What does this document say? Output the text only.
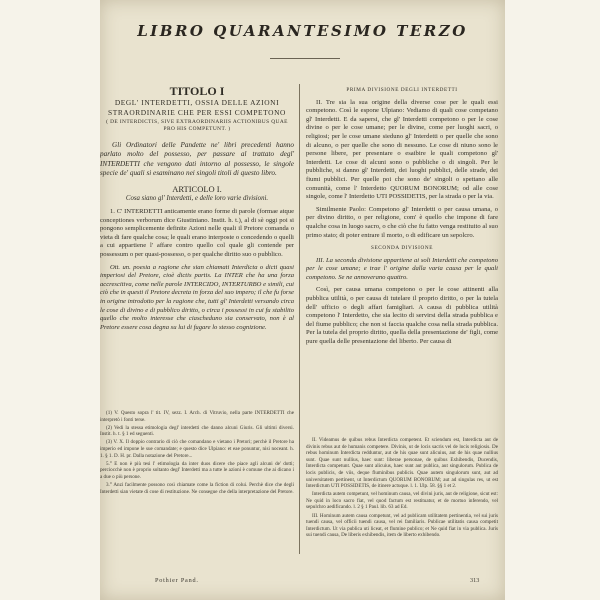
LIBRO QUARANTESIMO TERZO
TITOLO I
DEGL' INTERDETTI, OSSIA DELLE AZIONI STRAORDINARIE CHE PER ESSI COMPETONO
( DE INTERDICTIS, SIVE EXTRAORDINARIIS ACTIONIBUS QUAE PRO HIS COMPETUNT. )
Gli Ordinatori delle Pandette ne' libri precedenti hanno parlato molto del possesso, per passare al trattato degl' INTERDETTI che vengono dati intorno al possesso, le singole specie de' quali si esaminano nei singoli titoli di questo libro.
ARTICOLO I.
Cosa siano gl' Interdetti, e delle loro varie divisioni.

1. C' INTERDETTI anticamente erano forme di parole (formae atque conceptiones verborum dice Giustiniano. Instit. h. t.), al di sè oggi poi si pongono semplicemente definite Azioni nelle quali il Pretore comanda o vieta di fare qualche cosa; le quali erano interposte o concedendo o quelli a cui appartiene l' affare contro quello col quale gli contende per possessum o per quasi-possesso, o per qualche diritto suo o pubblico.

Ott. un. poesia a ragione che sian chiamati Interdicta o dicti quasi imperiosi del Pretore, cioè dictis partis. La INTER che ha una forza accrescitiva, come nelle parole INTERCIDO, INTERTURBO e simili, cui ciò che in questi il Pretore decreta in forza del suo impero; il che fu forse in origine introdotto per la ragione che, tutti gl' Interdetti versando circa le cose di divino e di pubblico diritto, o circa i possessi in cui fu stabilito quello che molto interesse che ciascheduno sia conservato, non è al Pretore essere cosa degna su lui di fugare lo stesso cognizione.

PRIMA DIVISIONE DEGLI INTERDETTI

II. Tre sia la sua origine della diverse cose per le quali essi competono. Così le espone Ulpiano: Vediamo di quali cose competano gl' Interdetti. E da sapersi, che gl' Interdetti competono o per le cose divine o per le cose umane; per le divine, come per luoghi sacri, o religiosi; per le cose umane sieduno gl' Interdetti o per quelle che sono di alcuno, o per quelle che sono di nessuno. Le cose di niuno sono le persone libere, per presentare o esaibire le quali competono gl' Interdetti. Le cose di alcuni sono o pubbliche o di singoli. Per le pubbliche, si danno gl' Interdetti, dei luoghi pubblici, delle strade, dei fiumi pubblici. Per quelle poi che sono de' singoli o spettano alle comunità, come l' Interdetto QUORUM BONORUM; od alle cose singole, come l' Interdetto UTI POSSIDETIS, per la strada o per la via.

Similmente Paolo: Competono gl' Interdetti o per causa umana, o per divino diritto, o per religione, com' è quello che impone di fare qualche cosa in luogo sacro, o che ciò che fu fatto venga restituito al suo primo stato; di poter entrare il morto, o di edificare un sepolcro.

SECONDA DIVISIONE

III. La seconda divisione appartiene ai soli Interdetti che competono per le cose umane; e trae l' origine dalla varia causa per le quali competono. Se ne annoverano quattro.

Così, per causa umana competono o per le cose attinenti alla pubblica utilità, o per causa di tutelare il proprio diritto, o per la tutela dell' ufficio o degli affari famigliari. A causa di pubblica utilità competono l' Interdetto, che sia lecito di servirsi della strada pubblica e del fiume pubblico; che non si faccia qualche cosa nella strada pubblica. Per la tutela del proprio diritto, quella della presentazione de' figli, come pure quella delle presentazione del liberto. Per causa di

(1) V. Questo sopra l' tit. IV, sezz. I. Arch. di Vitruvio, nella parte INTERDETTI che interpretò i fonti terse.

(2) Vedi la stessa etimologia degl' interdetti che danno alcuni Giuris. Gli ultimi diversi. Instit. h. t. § 1 ed seguenti.

(3) V. X. Il doppio contrario di ciò che comandano e vietano i Pretori; perchè il Pretore ha imperio ed impone le sue comandate; e questo dice Ulpiano: et eae ponuntur, nisi noceant. h. 1. § 1. D. H. pr. Dalla notazione del Pretore...

5.° E non è più tesi l' etimologia da inter duos dicere che piace agli alcuni de' dotti; perciocchè non è proprio soltanto degl' Interdetti ma a tutte le azioni è comune che ai dicano i a due o più persone.

3.° Anzi facilmente possono così chiamate come la fiction di colui. Perchè dice che degli Interdetti sian vietate di cose di restituzione. Ne consegue che della interpretazione del Pretore.

II. Videamus de quibus rebus Interdicta competent. Et sciendum est, Interdicta aut de divinis rebus aut de humanis competere. Divinis, ut de locis sacris vel de locis religiosis. De rebus hominum Interdicta redduntur, aut de his quae sunt alicuius, aut de his quae nullius sunt. Quae sunt nullius, haec sunt: liberae personae, de quibus Exhibendis, Ducendis, Interdicta competunt. Quae sunt alicuius, haec sunt aut publica, aut singulorum. Publica de locis publicis, de viis, deque fluminibus publicis. Quae autem singulorum sunt, aut ad universitatem pertinent, ut Interdictum QUORUM BONORUM; aut ad singulas res, ut est Interdictum UTI POSSIDETIS, de itinere actuque. l. 1. Ulp. 58. §§ 1 et 2.

Interdicta autem competunt, vel hominum causa, vel divini juris, aut de religione, sicut est: Ne quid in loco sacro fiat, vel quod factum est restituatur, et de mortuo inferendo, vel sepulchro aedificando. l. 2 § 1 Paul. lib. 63 ad Ed.

III. Hominum autem causa competunt, vel ad publicam utilitatem pertinentia, vel sui juris tuendi causa, vel officii tuendi causa, vel rei familiaris. Publicae utilitatis causa competit Interdictum. Ut via publica uti liceat, et flumine publico; et Ne quid fiat in via publica. Juris sui tuendi causa, De liberis exhibendis, item de liberto exhibendo.

Pothier Pand.	313
